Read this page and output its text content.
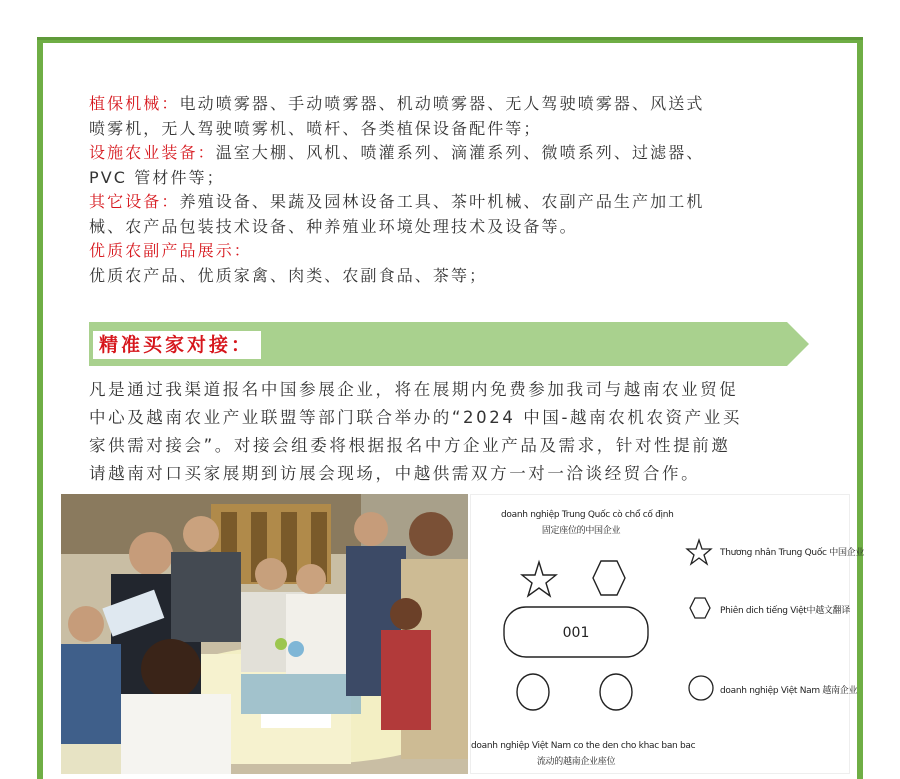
植保机械：电动喷雾器、手动喷雾器、机动喷雾器、无人驾驶喷雾器、风送式
喷雾机，无人驾驶喷雾机、喷杆、各类植保设备配件等；
设施农业装备：温室大棚、风机、喷灌系列、滴灌系列、微喷系列、过滤器、
PVC 管材件等；
其它设备：养殖设备、果蔬及园林设备工具、茶叶机械、农副产品生产加工机
械、农产品包装技术设备、种养殖业环境处理技术及设备等。
优质农副产品展示：
优质农产品、优质家禽、肉类、农副食品、茶等；
精准买家对接：
凡是通过我渠道报名中国参展企业，将在展期内免费参加我司与越南农业贸促
中心及越南农业产业联盟等部门联合举办的“2024 中国-越南农机农资产业买
家供需对接会”。对接会组委将根据报名中方企业产品及需求，针对性提前邀
请越南对口买家展期到访展会现场，中越供需双方一对一洽谈经贸合作。
doanh nghiệp Trung Quốc cò chổ cố định
固定座位的中国企业
001
Thương nhân Trung Quốc 中国企业
Phiên dich tiếng Việt中越文翻译
doanh nghiệp Việt Nam 越南企业
doanh nghiệp Việt Nam co the den cho khac ban bac
流动的越南企业座位
